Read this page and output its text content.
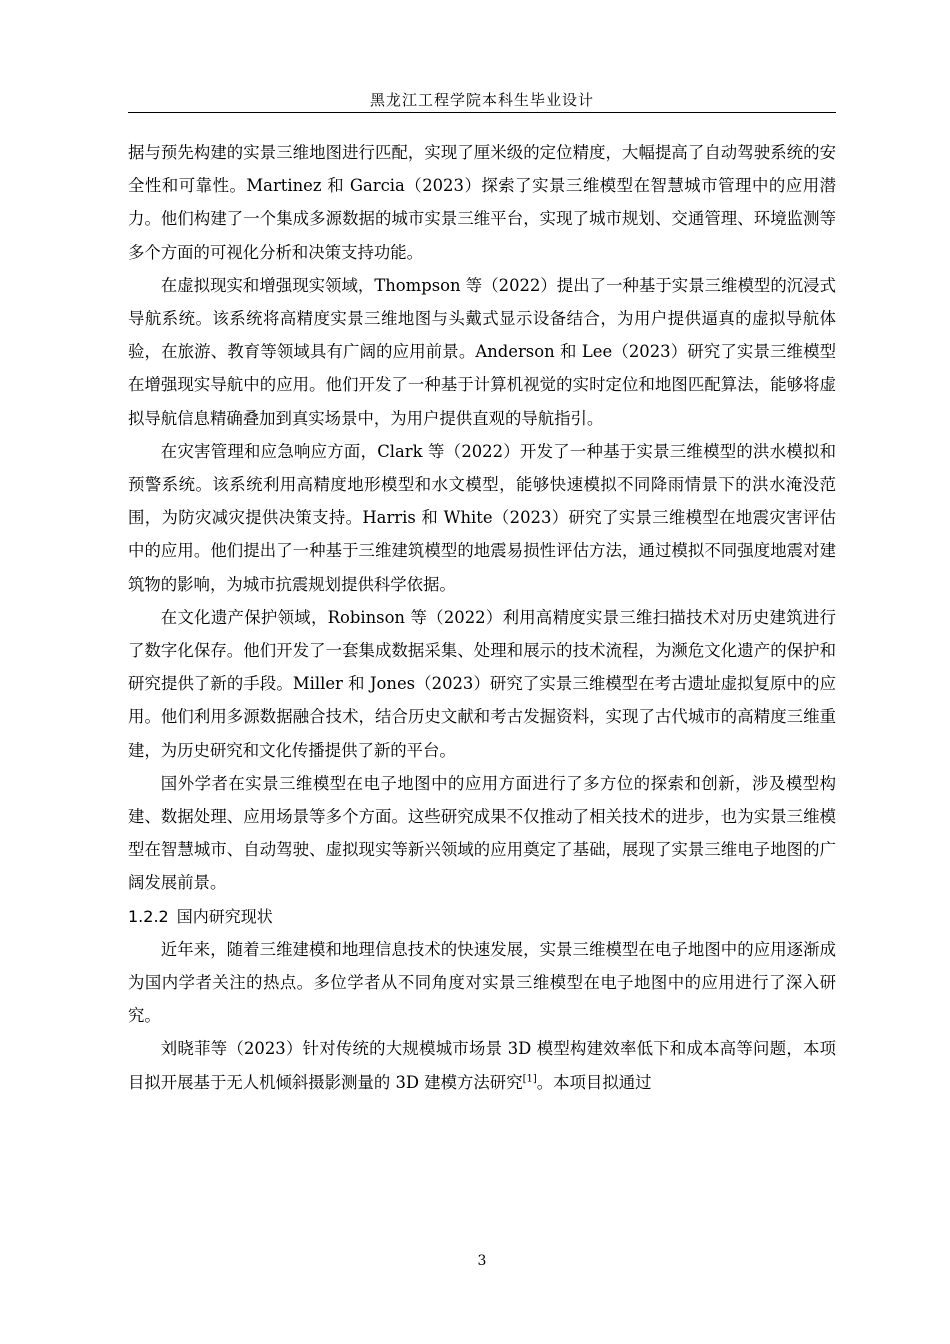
黑龙江工程学院本科生毕业设计

据与预先构建的实景三维地图进行匹配，实现了厘米级的定位精度，大幅提高了自动驾驶系统的安全性和可靠性。Martinez 和 Garcia（2023）探索了实景三维模型在智慧城市管理中的应用潜力。他们构建了一个集成多源数据的城市实景三维平台，实现了城市规划、交通管理、环境监测等多个方面的可视化分析和决策支持功能。

在虚拟现实和增强现实领域，Thompson 等（2022）提出了一种基于实景三维模型的沉浸式导航系统。该系统将高精度实景三维地图与头戴式显示设备结合，为用户提供逼真的虚拟导航体验，在旅游、教育等领域具有广阔的应用前景。Anderson 和 Lee（2023）研究了实景三维模型在增强现实导航中的应用。他们开发了一种基于计算机视觉的实时定位和地图匹配算法，能够将虚拟导航信息精确叠加到真实场景中，为用户提供直观的导航指引。

在灾害管理和应急响应方面，Clark 等（2022）开发了一种基于实景三维模型的洪水模拟和预警系统。该系统利用高精度地形模型和水文模型，能够快速模拟不同降雨情景下的洪水淹没范围，为防灾减灾提供决策支持。Harris 和 White（2023）研究了实景三维模型在地震灾害评估中的应用。他们提出了一种基于三维建筑模型的地震易损性评估方法，通过模拟不同强度地震对建筑物的影响，为城市抗震规划提供科学依据。

在文化遗产保护领域，Robinson 等（2022）利用高精度实景三维扫描技术对历史建筑进行了数字化保存。他们开发了一套集成数据采集、处理和展示的技术流程，为濒危文化遗产的保护和研究提供了新的手段。Miller 和 Jones（2023）研究了实景三维模型在考古遗址虚拟复原中的应用。他们利用多源数据融合技术，结合历史文献和考古发掘资料，实现了古代城市的高精度三维重建，为历史研究和文化传播提供了新的平台。

国外学者在实景三维模型在电子地图中的应用方面进行了多方位的探索和创新，涉及模型构建、数据处理、应用场景等多个方面。这些研究成果不仅推动了相关技术的进步，也为实景三维模型在智慧城市、自动驾驶、虚拟现实等新兴领域的应用奠定了基础，展现了实景三维电子地图的广阔发展前景。

1.2.2 国内研究现状

近年来，随着三维建模和地理信息技术的快速发展，实景三维模型在电子地图中的应用逐渐成为国内学者关注的热点。多位学者从不同角度对实景三维模型在电子地图中的应用进行了深入研究。

刘晓菲等（2023）针对传统的大规模城市场景 3D 模型构建效率低下和成本高等问题，本项目拟开展基于无人机倾斜摄影测量的 3D 建模方法研究[1]。本项目拟通过

3
